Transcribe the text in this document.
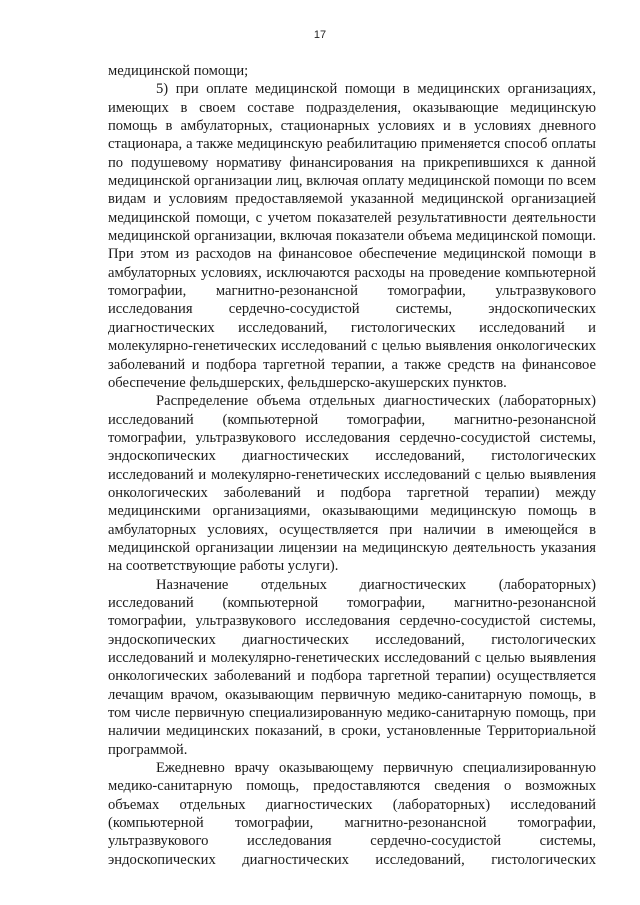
17

медицинской помощи;

5) при оплате медицинской помощи в медицинских организациях, имеющих в своем составе подразделения, оказывающие медицинскую помощь в амбулаторных, стационарных условиях и в условиях дневного стационара, а также медицинскую реабилитацию применяется способ оплаты по подушевому нормативу финансирования на прикрепившихся к данной медицинской организации лиц, включая оплату медицинской помощи по всем видам и условиям предоставляемой указанной медицинской организацией медицинской помощи, с учетом показателей результативности деятельности медицинской организации, включая показатели объема медицинской помощи. При этом из расходов на финансовое обеспечение медицинской помощи в амбулаторных условиях, исключаются расходы на проведение компьютерной томографии, магнитно-резонансной томографии, ультразвукового исследования сердечно-сосудистой системы, эндоскопических диагностических исследований, гистологических исследований и молекулярно-генетических исследований с целью выявления онкологических заболеваний и подбора таргетной терапии, а также средств на финансовое обеспечение фельдшерских, фельдшерско-акушерских пунктов.

Распределение объема отдельных диагностических (лабораторных) исследований (компьютерной томографии, магнитно-резонансной томографии, ультразвукового исследования сердечно-сосудистой системы, эндоскопических диагностических исследований, гистологических исследований и молекулярно-генетических исследований с целью выявления онкологических заболеваний и подбора таргетной терапии) между медицинскими организациями, оказывающими медицинскую помощь в амбулаторных условиях, осуществляется при наличии в имеющейся в медицинской организации лицензии на медицинскую деятельность указания на соответствующие работы услуги).

Назначение отдельных диагностических (лабораторных) исследований (компьютерной томографии, магнитно-резонансной томографии, ультразвукового исследования сердечно-сосудистой системы, эндоскопических диагностических исследований, гистологических исследований и молекулярно-генетических исследований с целью выявления онкологических заболеваний и подбора таргетной терапии) осуществляется лечащим врачом, оказывающим первичную медико-санитарную помощь, в том числе первичную специализированную медико-санитарную помощь, при наличии медицинских показаний, в сроки, установленные Территориальной программой.

Ежедневно врачу оказывающему первичную специализированную медико-санитарную помощь, предоставляются сведения о возможных объемах отдельных диагностических (лабораторных) исследований (компьютерной томографии, магнитно-резонансной томографии, ультразвукового исследования сердечно-сосудистой системы, эндоскопических диагностических исследований, гистологических
